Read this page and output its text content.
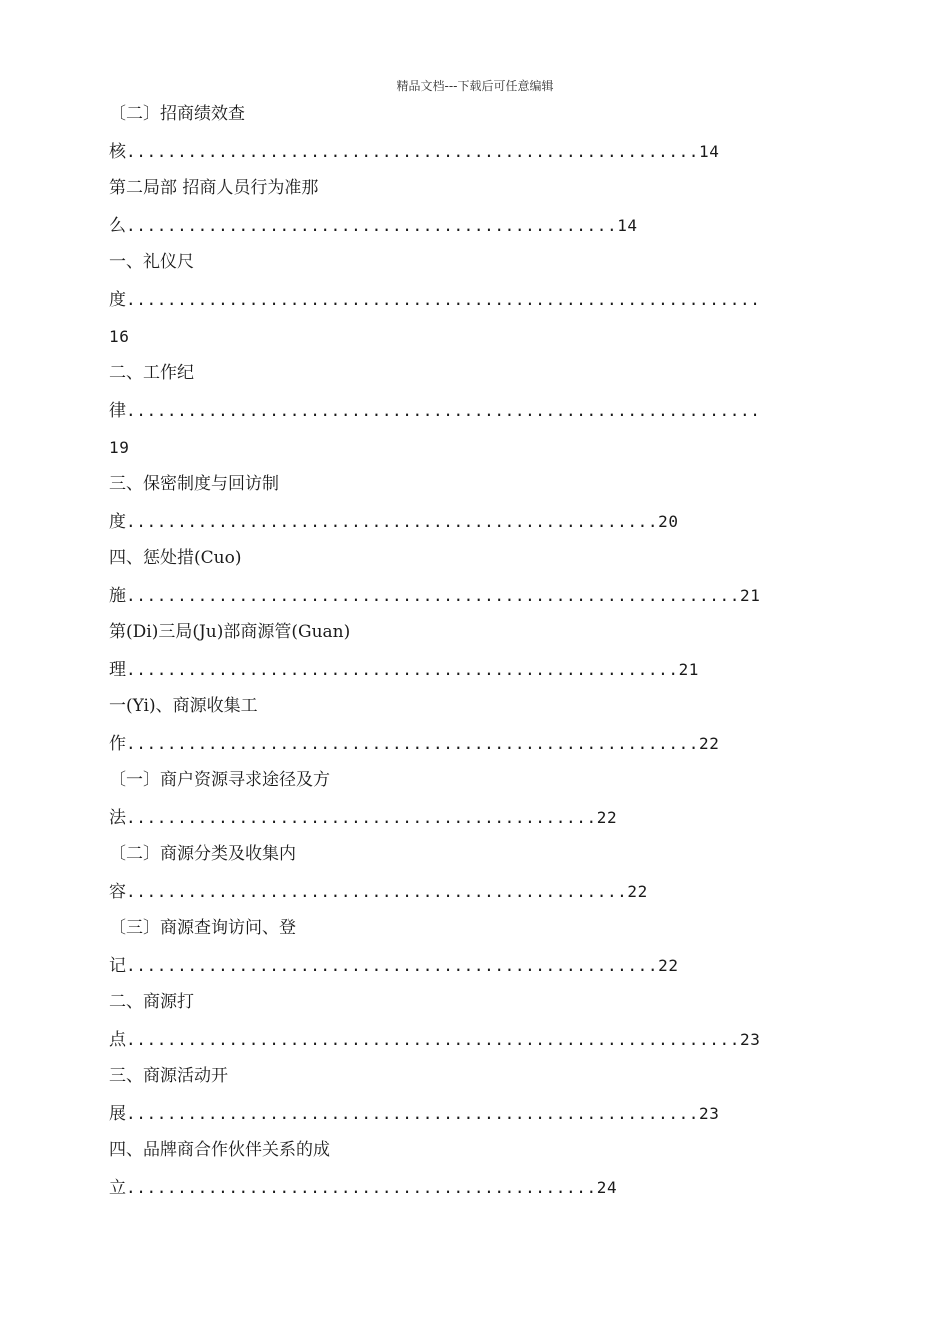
精品文档---下载后可任意编辑
〔二〕招商绩效查
核........................................................14
第二局部 招商人员行为准那
么................................................14
一、礼仪尺
度..............................................................
16
二、工作纪
律..............................................................
19
三、保密制度与回访制
度....................................................20
四、惩处措(Cuo)
施............................................................21
第(Di)三局(Ju)部商源管(Guan)
理......................................................21
一(Yi)、商源收集工
作........................................................22
〔一〕商户资源寻求途径及方
法..............................................22
〔二〕商源分类及收集内
容.................................................22
〔三〕商源查询访问、登
记....................................................22
二、商源打
点............................................................23
三、商源活动开
展........................................................23
四、品牌商合作伙伴关系的成
立..............................................24
